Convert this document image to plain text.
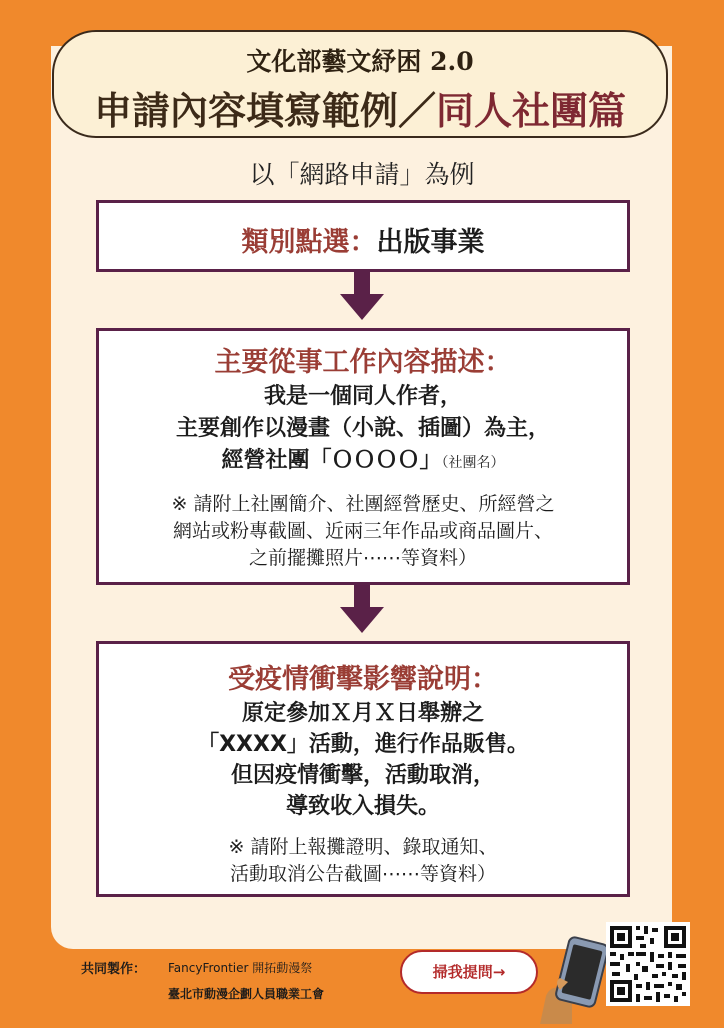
文化部藝文紓困 2.0
申請內容填寫範例／同人社團篇
以「網路申請」為例
類別點選：出版事業
主要從事工作內容描述：
我是一個同人作者，
主要創作以漫畫（小說、插圖）為主，
經營社團「ＯＯＯＯ」（社團名）
※ 請附上社團簡介、社團經營歷史、所經營之
網站或粉專截圖、近兩三年作品或商品圖片、
之前擺攤照片⋯⋯等資料）
受疫情衝擊影響說明：
原定參加Ｘ月Ｘ日舉辦之
「XXXX」活動，進行作品販售。
但因疫情衝擊，活動取消，
導致收入損失。
※ 請附上報攤證明、錄取通知、
活動取消公告截圖⋯⋯等資料）
共同製作： FancyFrontier 開拓動漫祭
臺北市動漫企劃人員職業工會
掃我提問→
